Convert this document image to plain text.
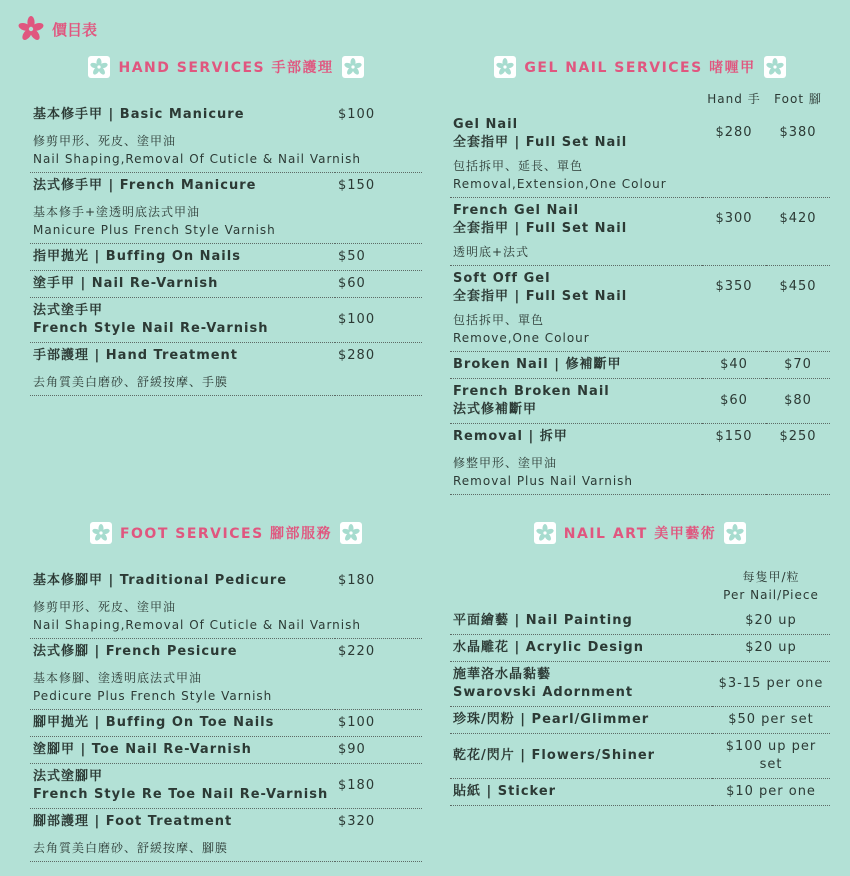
價目表
HAND SERVICES 手部護理
基本修手甲 | Basic Manicure	$100

修剪甲形、死皮、塗甲油
Nail Shaping,Removal Of Cuticle & Nail Varnish	

法式修手甲 | French Manicure	$150

基本修手+塗透明底法式甲油
Manicure Plus French Style Varnish	

指甲拋光 | Buffing On Nails	$50
塗手甲 | Nail Re-Varnish	$60

法式塗手甲
French Style Nail Re-Varnish	$100
手部護理 | Hand Treatment	$280

去角質美白磨砂、舒緩按摩、手膜	
GEL NAIL SERVICES 啫喱甲
	Hand 手	Foot 腳

Gel Nail
全套指甲 | Full Set Nail	$280	$380

包括拆甲、延長、單色
Removal,Extension,One Colour		

French Gel Nail
全套指甲 | Full Set Nail	$300	$420

透明底+法式		

Soft Off Gel
全套指甲 | Full Set Nail	$350	$450

包括拆甲、單色
Remove,One Colour		

Broken Nail | 修補斷甲	$40	$70

French Broken Nail
法式修補斷甲	$60	$80
Removal | 拆甲	$150	$250

修整甲形、塗甲油
Removal Plus Nail Varnish		
FOOT SERVICES 腳部服務
基本修腳甲 | Traditional Pedicure	$180

修剪甲形、死皮、塗甲油
Nail Shaping,Removal Of Cuticle & Nail Varnish	

法式修腳 | French Pesicure	$220

基本修腳、塗透明底法式甲油
Pedicure Plus French Style Varnish	

腳甲拋光 | Buffing On Toe Nails	$100
塗腳甲 | Toe Nail Re-Varnish	$90

法式塗腳甲
French Style Re Toe Nail Re-Varnish	$180
腳部護理 | Foot Treatment	$320

去角質美白磨砂、舒緩按摩、腳膜	
NAIL ART 美甲藝術

	每隻甲/粒
Per Nail/Piece

平面繪藝 | Nail Painting	$20 up
水晶雕花 | Acrylic Design	$20 up

施華洛水晶黏藝
Swarovski Adornment	$3-15 per one
珍珠/閃粉 | Pearl/Glimmer	$50 per set
乾花/閃片 | Flowers/Shiner	$100 up per
set

貼紙 | Sticker	$10 per one
